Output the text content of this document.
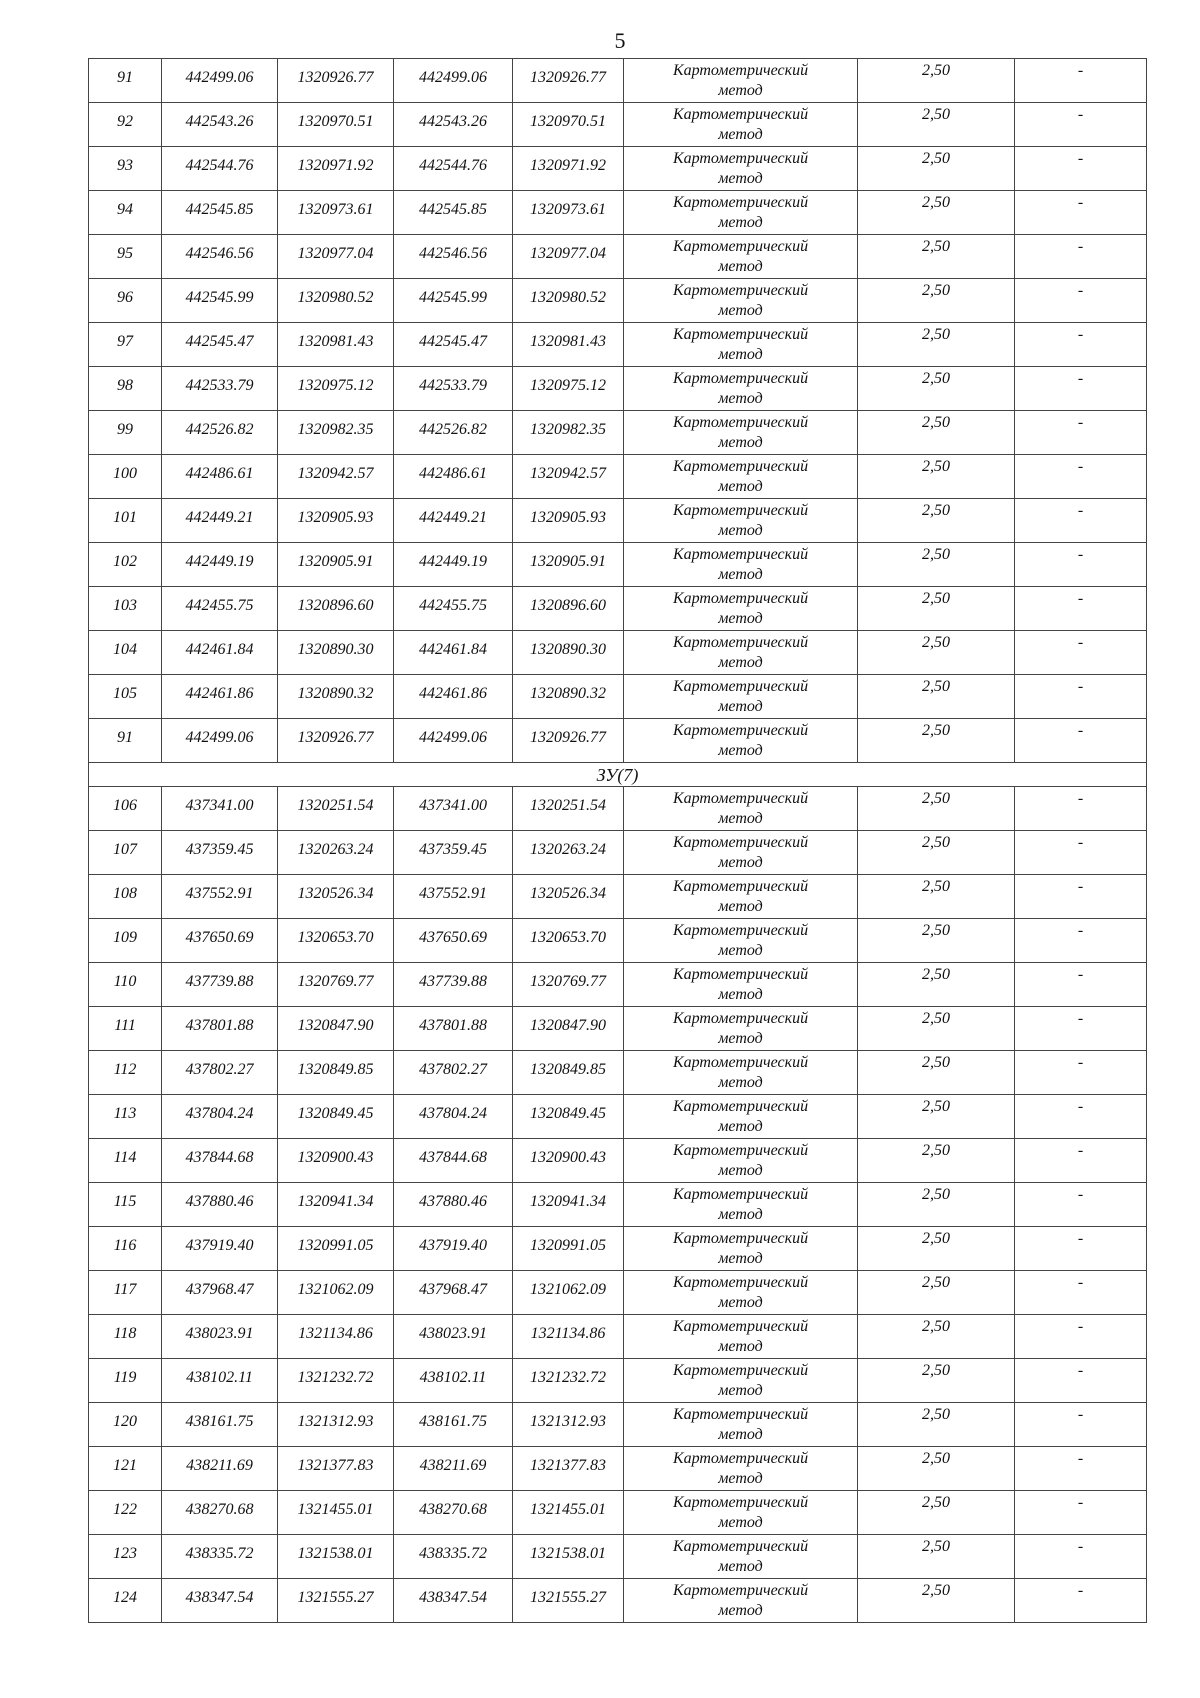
5
91	442499.06	1320926.77	442499.06	1320926.77	Картометрический
метод	2,50	-
92	442543.26	1320970.51	442543.26	1320970.51	Картометрический
метод	2,50	-
93	442544.76	1320971.92	442544.76	1320971.92	Картометрический
метод	2,50	-
94	442545.85	1320973.61	442545.85	1320973.61	Картометрический
метод	2,50	-
95	442546.56	1320977.04	442546.56	1320977.04	Картометрический
метод	2,50	-
96	442545.99	1320980.52	442545.99	1320980.52	Картометрический
метод	2,50	-
97	442545.47	1320981.43	442545.47	1320981.43	Картометрический
метод	2,50	-
98	442533.79	1320975.12	442533.79	1320975.12	Картометрический
метод	2,50	-
99	442526.82	1320982.35	442526.82	1320982.35	Картометрический
метод	2,50	-
100	442486.61	1320942.57	442486.61	1320942.57	Картометрический
метод	2,50	-
101	442449.21	1320905.93	442449.21	1320905.93	Картометрический
метод	2,50	-
102	442449.19	1320905.91	442449.19	1320905.91	Картометрический
метод	2,50	-
103	442455.75	1320896.60	442455.75	1320896.60	Картометрический
метод	2,50	-
104	442461.84	1320890.30	442461.84	1320890.30	Картометрический
метод	2,50	-
105	442461.86	1320890.32	442461.86	1320890.32	Картометрический
метод	2,50	-
91	442499.06	1320926.77	442499.06	1320926.77	Картометрический
метод	2,50	-
ЗУ(7)							
106	437341.00	1320251.54	437341.00	1320251.54	Картометрический
метод	2,50	-
107	437359.45	1320263.24	437359.45	1320263.24	Картометрический
метод	2,50	-
108	437552.91	1320526.34	437552.91	1320526.34	Картометрический
метод	2,50	-
109	437650.69	1320653.70	437650.69	1320653.70	Картометрический
метод	2,50	-
110	437739.88	1320769.77	437739.88	1320769.77	Картометрический
метод	2,50	-
111	437801.88	1320847.90	437801.88	1320847.90	Картометрический
метод	2,50	-
112	437802.27	1320849.85	437802.27	1320849.85	Картометрический
метод	2,50	-
113	437804.24	1320849.45	437804.24	1320849.45	Картометрический
метод	2,50	-
114	437844.68	1320900.43	437844.68	1320900.43	Картометрический
метод	2,50	-
115	437880.46	1320941.34	437880.46	1320941.34	Картометрический
метод	2,50	-
116	437919.40	1320991.05	437919.40	1320991.05	Картометрический
метод	2,50	-
117	437968.47	1321062.09	437968.47	1321062.09	Картометрический
метод	2,50	-
118	438023.91	1321134.86	438023.91	1321134.86	Картометрический
метод	2,50	-
119	438102.11	1321232.72	438102.11	1321232.72	Картометрический
метод	2,50	-
120	438161.75	1321312.93	438161.75	1321312.93	Картометрический
метод	2,50	-
121	438211.69	1321377.83	438211.69	1321377.83	Картометрический
метод	2,50	-
122	438270.68	1321455.01	438270.68	1321455.01	Картометрический
метод	2,50	-
123	438335.72	1321538.01	438335.72	1321538.01	Картометрический
метод	2,50	-
124	438347.54	1321555.27	438347.54	1321555.27	Картометрический
метод	2,50	-
